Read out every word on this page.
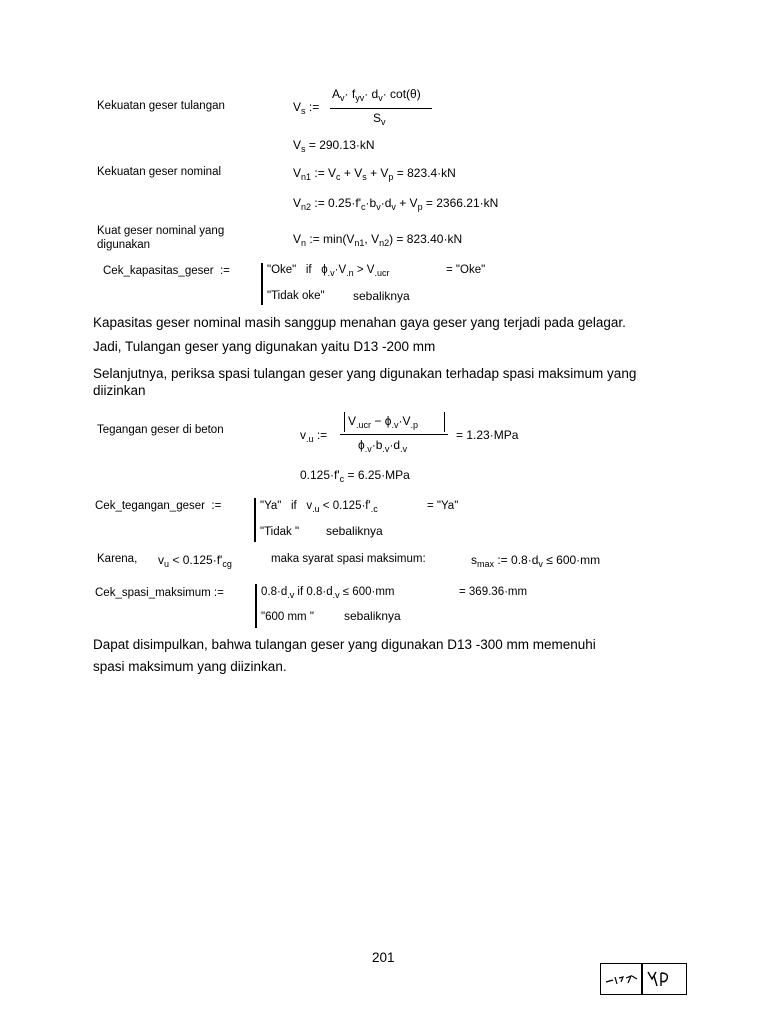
Kekuatan geser tulangan	$V_s$ :=
$A_v\cdot f_{yv}\cdot d_v\cdot \cot(\theta)$
$S_v$
$V_s = 290.13\cdot kN$
Kekuatan geser nominal	$V_{n1}$ := $V_c + V_s + V_p = 823.4\cdot kN$
$V_{n2}$ := $0.25\cdot f'_c\cdot b_v\cdot d_v + V_p = 2366.21\cdot kN$
Kuat geser nominal yang
digunakan	$V_n$ := $\min(V_{n1}$, $V_{n2}) = 823.40\cdot kN$
Cek_kapasitas_geser :=	"Oke" if $\phi_{.v}\cdot V_{.n} > V_{.ucr}$	= "Oke"
"Tidak oke" sebaliknya
Kapasitas geser nominal masih sanggup menahan gaya geser yang terjadi pada gelagar.
Jadi, Tulangan geser yang digunakan yaitu D13 -200 mm
Selanjutnya, periksa spasi tulangan geser yang digunakan terhadap spasi maksimum yang
diizinkan
Tegangan geser di beton	$v_{.u}$ :=
$V_{.ucr} - \phi_{.v}\cdot V_{.p}$
$\phi_{.v}\cdot b_{.v}\cdot d_{.v}$
= 1.23·MPa
$0.125\cdot f'_c = 6.25\cdot MPa$
Cek_tegangan_geser :=	"Ya" if $v_{.u} < 0.125\cdot f'_{.c}$	= "Ya"
"Tidak " sebaliknya
Karena, $v_u < 0.125\cdot f'_{cg}$	maka syarat spasi maksimum:	$s_{max}$ := $0.8\cdot d_v \le 600\cdot mm$
Cek_spasi_maksimum :=	$0.8\cdot d_{.v}$ if $0.8\cdot d_{.v} \le 600\cdot mm$	= 369.36·mm
"600 mm "	sebaliknya
Dapat disimpulkan, bahwa tulangan geser yang digunakan D13 -300 mm memenuhi
spasi maksimum yang diizinkan.
201
